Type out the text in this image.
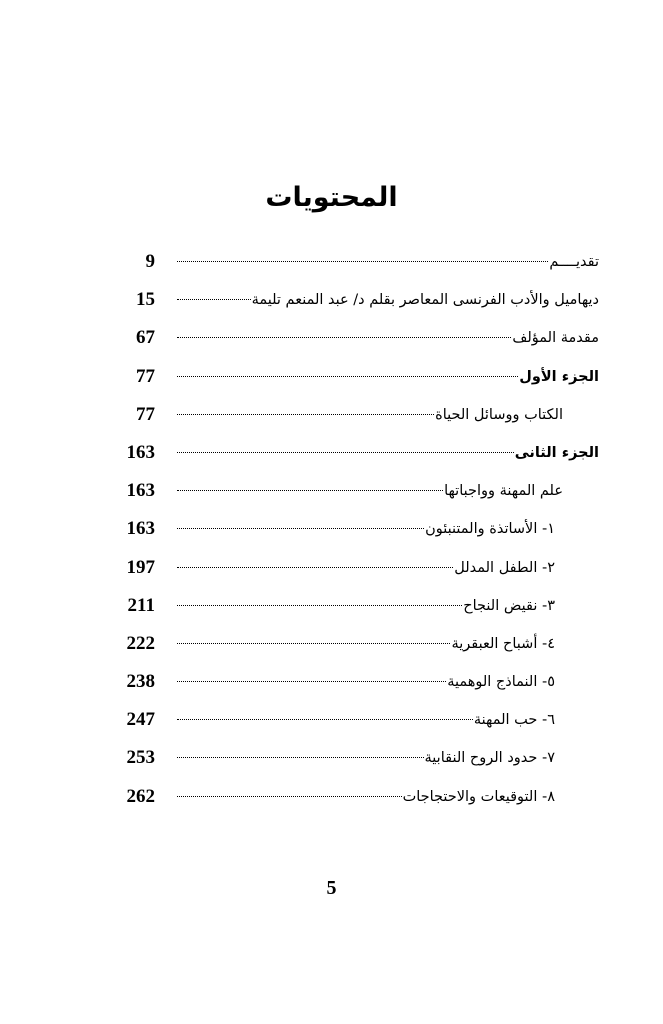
المحتويات
9	تقديــــم
15	ديهاميل والأدب الفرنسى المعاصر بقلم د/ عبد المنعم تليمة
67	مقدمة المؤلف
77	الجزء الأول
77	الكتاب ووسائل الحياة
163	الجزء الثانى
163	علم المهنة وواجباتها
163	١- الأساتذة والمتنبئون
197	٢- الطفل المدلل
211	٣- نقيض النجاح
222	٤- أشباح العبقرية
238	٥- النماذج الوهمية
247	٦- حب المهنة
253	٧- حدود الروح النقابية
262	٨- التوقيعات والاحتجاجات
5
